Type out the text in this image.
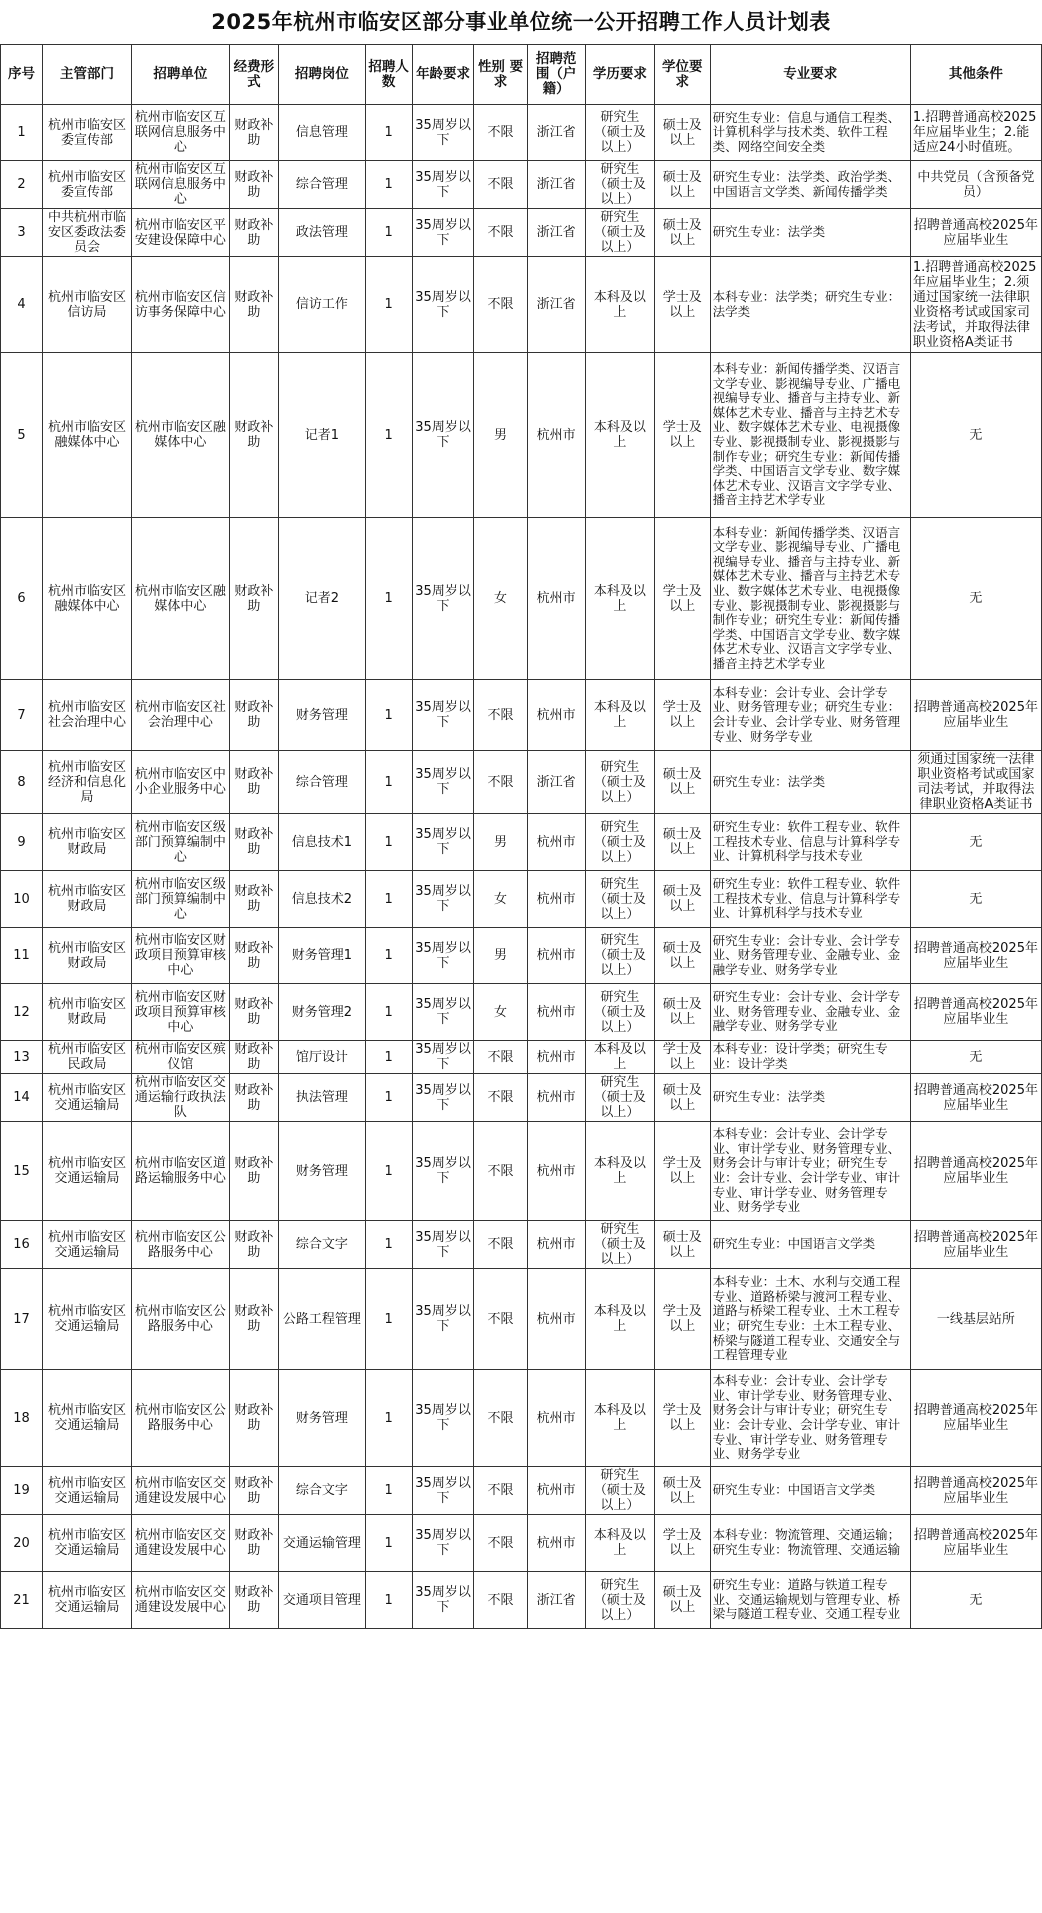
2025年杭州市临安区部分事业单位统一公开招聘工作人员计划表
序号	主管部门	招聘单位	经费形式	招聘岗位	招聘人数	年龄要求	性别 要求	招聘范围（户籍）	学历要求	学位要求	专业要求	其他条件
1	杭州市临安区委宣传部	杭州市临安区互联网信息服务中心	财政补助	信息管理	1	35周岁以下	不限	浙江省	研究生（硕士及以上）	硕士及以上	研究生专业：信息与通信工程类、计算机科学与技术类、软件工程类、网络空间安全类	1.招聘普通高校2025年应届毕业生；2.能适应24小时值班。
2	杭州市临安区委宣传部	杭州市临安区互联网信息服务中心	财政补助	综合管理	1	35周岁以下	不限	浙江省	研究生（硕士及以上）	硕士及以上	研究生专业：法学类、政治学类、中国语言文学类、新闻传播学类	中共党员（含预备党员）
3	中共杭州市临安区委政法委员会	杭州市临安区平安建设保障中心	财政补助	政法管理	1	35周岁以下	不限	浙江省	研究生（硕士及以上）	硕士及以上	研究生专业：法学类	招聘普通高校2025年应届毕业生
4	杭州市临安区信访局	杭州市临安区信访事务保障中心	财政补助	信访工作	1	35周岁以下	不限	浙江省	本科及以上	学士及以上	本科专业：法学类；研究生专业：法学类	1.招聘普通高校2025年应届毕业生；2.须通过国家统一法律职业资格考试或国家司法考试，并取得法律职业资格A类证书
5	杭州市临安区融媒体中心	杭州市临安区融媒体中心	财政补助	记者1	1	35周岁以下	男	杭州市	本科及以上	学士及以上	本科专业：新闻传播学类、汉语言文学专业、影视编导专业、广播电视编导专业、播音与主持专业、新媒体艺术专业、播音与主持艺术专业、数字媒体艺术专业、电视摄像专业、影视摄制专业、影视摄影与制作专业；研究生专业：新闻传播学类、中国语言文学专业、数字媒体艺术专业、汉语言文字学专业、播音主持艺术学专业	无
6	杭州市临安区融媒体中心	杭州市临安区融媒体中心	财政补助	记者2	1	35周岁以下	女	杭州市	本科及以上	学士及以上	本科专业：新闻传播学类、汉语言文学专业、影视编导专业、广播电视编导专业、播音与主持专业、新媒体艺术专业、播音与主持艺术专业、数字媒体艺术专业、电视摄像专业、影视摄制专业、影视摄影与制作专业；研究生专业：新闻传播学类、中国语言文学专业、数字媒体艺术专业、汉语言文字学专业、播音主持艺术学专业	无
7	杭州市临安区社会治理中心	杭州市临安区社会治理中心	财政补助	财务管理	1	35周岁以下	不限	杭州市	本科及以上	学士及以上	本科专业：会计专业、会计学专业、财务管理专业；研究生专业：会计专业、会计学专业、财务管理专业、财务学专业	招聘普通高校2025年应届毕业生
8	杭州市临安区经济和信息化局	杭州市临安区中小企业服务中心	财政补助	综合管理	1	35周岁以下	不限	浙江省	研究生（硕士及以上）	硕士及以上	研究生专业：法学类	须通过国家统一法律职业资格考试或国家司法考试，并取得法律职业资格A类证书
9	杭州市临安区财政局	杭州市临安区级部门预算编制中心	财政补助	信息技术1	1	35周岁以下	男	杭州市	研究生（硕士及以上）	硕士及以上	研究生专业：软件工程专业、软件工程技术专业、信息与计算科学专业、计算机科学与技术专业	无
10	杭州市临安区财政局	杭州市临安区级部门预算编制中心	财政补助	信息技术2	1	35周岁以下	女	杭州市	研究生（硕士及以上）	硕士及以上	研究生专业：软件工程专业、软件工程技术专业、信息与计算科学专业、计算机科学与技术专业	无
11	杭州市临安区财政局	杭州市临安区财政项目预算审核中心	财政补助	财务管理1	1	35周岁以下	男	杭州市	研究生（硕士及以上）	硕士及以上	研究生专业：会计专业、会计学专业、财务管理专业、金融专业、金融学专业、财务学专业	招聘普通高校2025年应届毕业生
12	杭州市临安区财政局	杭州市临安区财政项目预算审核中心	财政补助	财务管理2	1	35周岁以下	女	杭州市	研究生（硕士及以上）	硕士及以上	研究生专业：会计专业、会计学专业、财务管理专业、金融专业、金融学专业、财务学专业	招聘普通高校2025年应届毕业生
13	杭州市临安区民政局	杭州市临安区殡仪馆	财政补助	馆厅设计	1	35周岁以下	不限	杭州市	本科及以上	学士及以上	本科专业：设计学类；研究生专业：设计学类	无
14	杭州市临安区交通运输局	杭州市临安区交通运输行政执法队	财政补助	执法管理	1	35周岁以下	不限	杭州市	研究生（硕士及以上）	硕士及以上	研究生专业：法学类	招聘普通高校2025年应届毕业生
15	杭州市临安区交通运输局	杭州市临安区道路运输服务中心	财政补助	财务管理	1	35周岁以下	不限	杭州市	本科及以上	学士及以上	本科专业：会计专业、会计学专业、审计学专业、财务管理专业、财务会计与审计专业；研究生专业：会计专业、会计学专业、审计专业、审计学专业、财务管理专业、财务学专业	招聘普通高校2025年应届毕业生
16	杭州市临安区交通运输局	杭州市临安区公路服务中心	财政补助	综合文字	1	35周岁以下	不限	杭州市	研究生（硕士及以上）	硕士及以上	研究生专业：中国语言文学类	招聘普通高校2025年应届毕业生
17	杭州市临安区交通运输局	杭州市临安区公路服务中心	财政补助	公路工程管理	1	35周岁以下	不限	杭州市	本科及以上	学士及以上	本科专业：土木、水利与交通工程专业、道路桥梁与渡河工程专业、道路与桥梁工程专业、土木工程专业；研究生专业：土木工程专业、桥梁与隧道工程专业、交通安全与工程管理专业	一线基层站所
18	杭州市临安区交通运输局	杭州市临安区公路服务中心	财政补助	财务管理	1	35周岁以下	不限	杭州市	本科及以上	学士及以上	本科专业：会计专业、会计学专业、审计学专业、财务管理专业、财务会计与审计专业；研究生专业：会计专业、会计学专业、审计专业、审计学专业、财务管理专业、财务学专业	招聘普通高校2025年应届毕业生
19	杭州市临安区交通运输局	杭州市临安区交通建设发展中心	财政补助	综合文字	1	35周岁以下	不限	杭州市	研究生（硕士及以上）	硕士及以上	研究生专业：中国语言文学类	招聘普通高校2025年应届毕业生
20	杭州市临安区交通运输局	杭州市临安区交通建设发展中心	财政补助	交通运输管理	1	35周岁以下	不限	杭州市	本科及以上	学士及以上	本科专业：物流管理、交通运输；研究生专业：物流管理、交通运输	招聘普通高校2025年应届毕业生
21	杭州市临安区交通运输局	杭州市临安区交通建设发展中心	财政补助	交通项目管理	1	35周岁以下	不限	浙江省	研究生（硕士及以上）	硕士及以上	研究生专业：道路与铁道工程专业、交通运输规划与管理专业、桥梁与隧道工程专业、交通工程专业	无
